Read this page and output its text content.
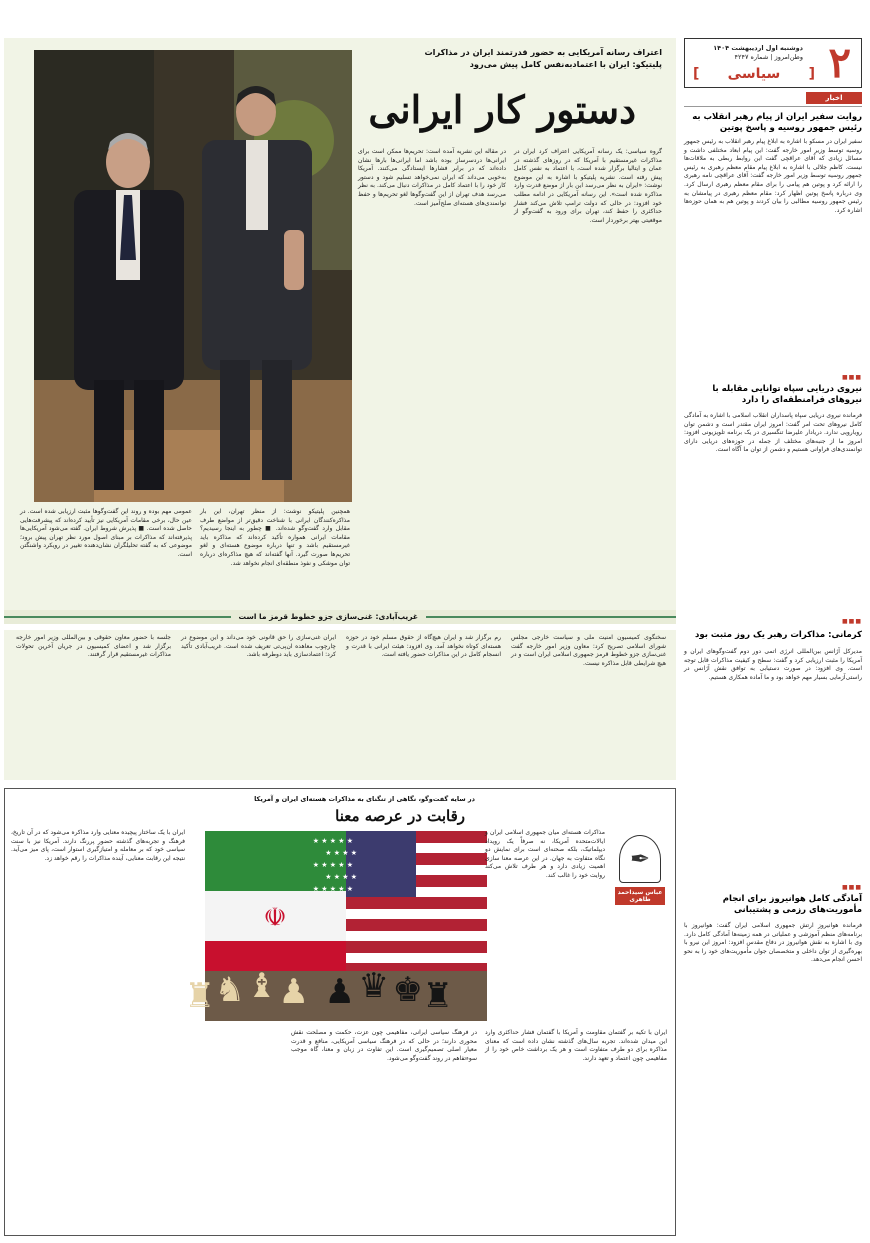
۲
دوشنبه اول اردیبهشت ۱۴۰۴
وطن‌امروز | شماره ۴۲۴۷
[ سیاسی ]
اخبار
روایت سفیر ایران از پیام رهبر انقلاب به رئیس جمهور روسیه و پاسخ پوتین
سفیر ایران در مسکو با اشاره به ابلاغ پیام رهبر انقلاب به رئیس جمهور روسیه توسط وزیر امور خارجه گفت: این پیام ابعاد مختلفی داشت و مسائل زیادی که آقای عراقچی گفت این روابط ربطی به ملاقات‌ها نیست. کاظم جلالی با اشاره به ابلاغ پیام مقام معظم رهبری به رئیس جمهور روسیه توسط وزیر امور خارجه گفت: آقای عراقچی نامه رهبری را ارائه کرد و پوتین هم پیامی را برای مقام معظم رهبری ارسال کرد. وی درباره پاسخ پوتین اظهار کرد: مقام معظم رهبری در پیامشان به رئیس جمهور روسیه مطالبی را بیان کردند و پوتین هم به همان حوزه‌ها اشاره کرد.
■■■
نیروی دریایی سپاه توانایی مقابله با نیروهای فرامنطقه‌ای را دارد
فرمانده نیروی دریایی سپاه پاسداران انقلاب اسلامی با اشاره به آمادگی کامل نیروهای تحت امر گفت: امروز ایران مقتدر است و دشمن توان رویارویی ندارد. دریادار علیرضا تنگسیری در یک برنامه تلویزیونی افزود: امروز ما از جنبه‌های مختلف از جمله در حوزه‌های دریایی دارای توانمندی‌های فراوانی هستیم و دشمن از توان ما آگاه است.
■■■
کرمانی: مذاکرات رهبر یک روز مثبت بود
مدیرکل آژانس بین‌المللی انرژی اتمی دور دوم گفت‌وگوهای ایران و آمریکا را مثبت ارزیابی کرد و گفت: سطح و کیفیت مذاکرات قابل توجه است. وی افزود: در صورت دستیابی به توافق نقش آژانس در راستی‌آزمایی بسیار مهم خواهد بود و ما آماده همکاری هستیم.
■■■
آمادگی کامل هوانیروز برای انجام مأموریت‌های رزمی و پشتیبانی
فرمانده هوانیروز ارتش جمهوری اسلامی ایران گفت: هوانیروز با برنامه‌های منظم آموزشی و عملیاتی در همه زمینه‌ها آمادگی کامل دارد. وی با اشاره به نقش هوانیروز در دفاع مقدس افزود: امروز این نیرو با بهره‌گیری از توان داخلی و متخصصان جوان مأموریت‌های خود را به نحو احسن انجام می‌دهد.
اعتراف رسانه آمریکایی به حضور قدرتمند ایران در مذاکرات
پلیتیکو: ایران با اعتمادبه‌نفس کامل پیش می‌رود
دستور کار ایرانی
گروه سیاسی: یک رسانه آمریکایی اعتراف کرد ایران در مذاکرات غیرمستقیم با آمریکا که در روزهای گذشته در عمان و ایتالیا برگزار شده است، با اعتماد به نفس کامل پیش رفته است. نشریه پلیتیکو با اشاره به این موضوع نوشت: «ایران به نظر می‌رسد این بار از موضع قدرت وارد مذاکره شده است». این رسانه آمریکایی در ادامه مطلب خود افزود: در حالی که دولت ترامپ تلاش می‌کند فشار حداکثری را حفظ کند، تهران برای ورود به گفت‌وگو از موقعیتی بهتر برخوردار است.
در مقاله این نشریه آمده است: تحریم‌ها ممکن است برای ایرانی‌ها دردسرساز بوده باشد اما ایرانی‌ها بارها نشان داده‌اند که در برابر فشارها ایستادگی می‌کنند. آمریکا به‌خوبی می‌داند که ایران نمی‌خواهد تسلیم شود و دستور کار خود را با اعتماد کامل در مذاکرات دنبال می‌کند. به نظر می‌رسد هدف تهران از این گفت‌وگوها لغو تحریم‌ها و حفظ توانمندی‌های هسته‌ای صلح‌آمیز است.
همچنین پلیتیکو نوشت: از منظر تهران، این بار مذاکره‌کنندگان ایرانی با شناخت دقیق‌تر از مواضع طرف مقابل وارد گفت‌وگو شده‌اند. ■ چطور به اینجا رسیدیم؟ مقامات ایرانی همواره تأکید کرده‌اند که مذاکره باید غیرمستقیم باشد و تنها درباره موضوع هسته‌ای و لغو تحریم‌ها صورت گیرد. آنها گفته‌اند که هیچ مذاکره‌ای درباره توان موشکی و نفوذ منطقه‌ای انجام نخواهد شد.
عمومی مهم بوده و روند این گفت‌وگوها مثبت ارزیابی شده است. در عین حال، برخی مقامات آمریکایی نیز تأیید کرده‌اند که پیشرفت‌هایی حاصل شده است. ■ پذیرش شروط ایران. گفته می‌شود آمریکایی‌ها پذیرفته‌اند که مذاکرات بر مبنای اصول مورد نظر تهران پیش برود؛ موضوعی که به گفته تحلیلگران نشان‌دهنده تغییر در رویکرد واشنگتن است.
غریب‌آبادی: غنی‌سازی جزو خطوط قرمز ما است
سخنگوی کمیسیون امنیت ملی و سیاست خارجی مجلس شورای اسلامی تصریح کرد: معاون وزیر امور خارجه گفت غنی‌سازی جزو خطوط قرمز جمهوری اسلامی ایران است و در هیچ شرایطی قابل مذاکره نیست.
رم برگزار شد و ایران هیچ‌گاه از حقوق مسلم خود در حوزه هسته‌ای کوتاه نخواهد آمد. وی افزود: هیئت ایرانی با قدرت و انسجام کامل در این مذاکرات حضور یافته است.
ایران غنی‌سازی را حق قانونی خود می‌داند و این موضوع در چارچوب معاهده ان‌پی‌تی تعریف شده است. غریب‌آبادی تأکید کرد: اعتمادسازی باید دوطرفه باشد.
جلسه با حضور معاون حقوقی و بین‌المللی وزیر امور خارجه برگزار شد و اعضای کمیسیون در جریان آخرین تحولات مذاکرات غیرمستقیم قرار گرفتند.
در سایه گفت‌وگو، نگاهی از تنگنای به مذاکرات هسته‌ای ایران و آمریکا
رقابت در عرصه معنا
✒
عباس سیداحمد طاهری
☫
★ ★ ★ ★ ★
★ ★ ★ ★
★ ★ ★ ★ ★
★ ★ ★ ★
★ ★ ★ ★ ★
♜ ♞ ♝ ♟ ♟ ♛ ♚ ♜
مذاکرات هسته‌ای میان جمهوری اسلامی ایران و ایالات‌متحده آمریکا، نه صرفاً یک رویداد دیپلماتیک، بلکه صحنه‌ای است برای نمایش دو نگاه متفاوت به جهان. در این عرصه معنا سازی اهمیت زیادی دارد و هر طرف تلاش می‌کند روایت خود را غالب کند.
ایران با تکیه بر گفتمان مقاومت و آمریکا با گفتمان فشار حداکثری وارد این میدان شده‌اند. تجربه سال‌های گذشته نشان داده است که معنای مذاکره برای دو طرف متفاوت است و هر یک برداشت خاص خود را از مفاهیمی چون اعتماد و تعهد دارند.
در فرهنگ سیاسی ایرانی، مفاهیمی چون عزت، حکمت و مصلحت نقش محوری دارند؛ در حالی که در فرهنگ سیاسی آمریکایی، منافع و قدرت معیار اصلی تصمیم‌گیری است. این تفاوت در زبان و معنا، گاه موجب سوءتفاهم در روند گفت‌وگو می‌شود.
ایران با یک ساختار پیچیده معنایی وارد مذاکره می‌شود که در آن تاریخ، فرهنگ و تجربه‌های گذشته حضور پررنگ دارند. آمریکا نیز با سنت سیاسی خود که بر معامله و امتیازگیری استوار است، پای میز می‌آید. نتیجه این رقابت معنایی، آینده مذاکرات را رقم خواهد زد.
